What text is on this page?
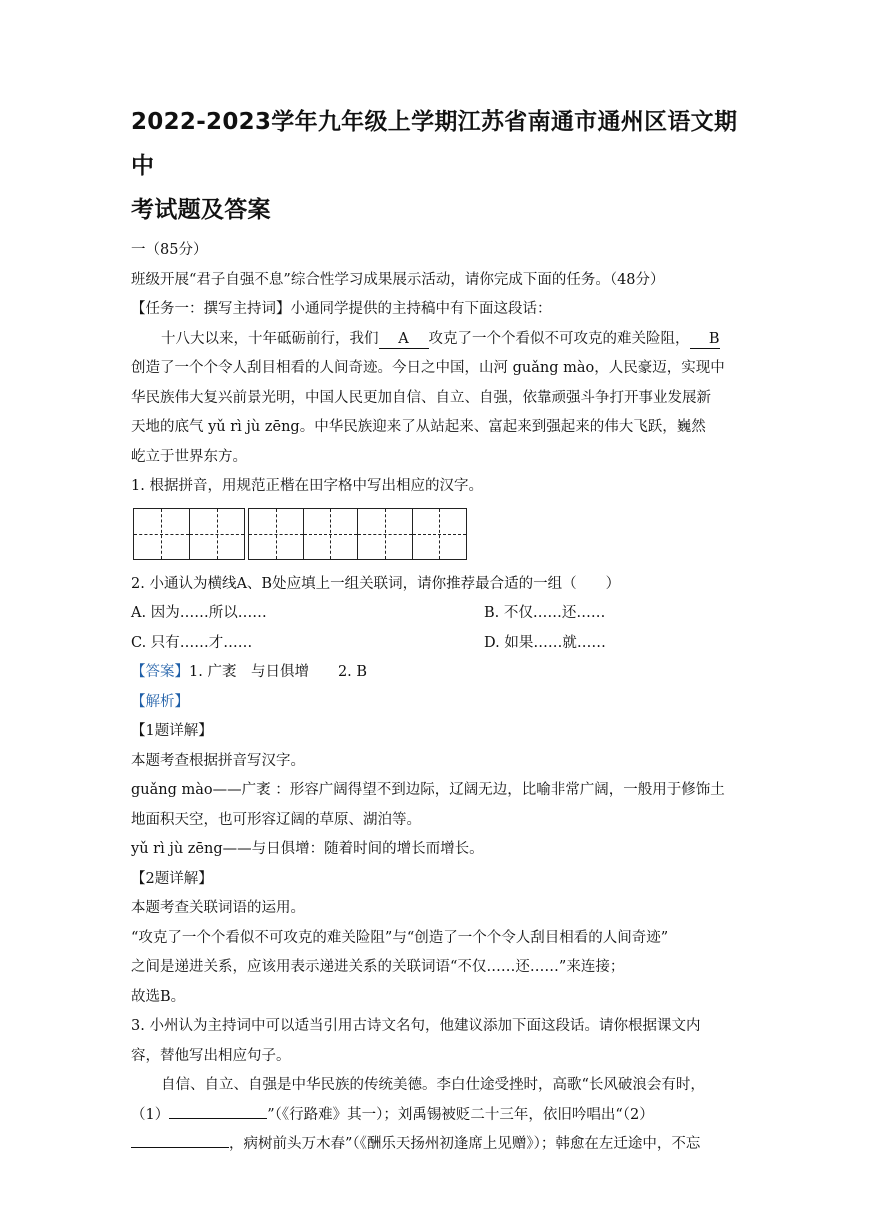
2022-2023学年九年级上学期江苏省南通市通州区语文期中
考试题及答案
一（85分）
班级开展“君子自强不息”综合性学习成果展示活动，请你完成下面的任务。（48分）
【任务一：撰写主持词】小通同学提供的主持稿中有下面这段话：
十八大以来，十年砥砺前行，我们 A 攻克了一个个看似不可攻克的难关险阻， B
创造了一个个令人刮目相看的人间奇迹。今日之中国，山河 guǎng mào，人民豪迈，实现中
华民族伟大复兴前景光明，中国人民更加自信、自立、自强，依靠顽强斗争打开事业发展新
天地的底气 yǔ rì jù zēng。中华民族迎来了从站起来、富起来到强起来的伟大飞跃，巍然
屹立于世界东方。
1. 根据拼音，用规范正楷在田字格中写出相应的汉字。
2. 小通认为横线A、B处应填上一组关联词，请你推荐最合适的一组（　　）
A. 因为……所以……	B. 不仅……还……
C. 只有……才……	D. 如果……就……
【答案】1. 广袤　与日俱增　　2. B
【解析】
【1题详解】
本题考查根据拼音写汉字。
guǎng mào——广袤 ：形容广阔得望不到边际，辽阔无边，比喻非常广阔，一般用于修饰土
地面积天空，也可形容辽阔的草原、湖泊等。
yǔ rì jù zēng——与日俱增：随着时间的增长而增长。
【2题详解】
本题考查关联词语的运用。
“攻克了一个个看似不可攻克的难关险阻”与“创造了一个个令人刮目相看的人间奇迹”
之间是递进关系，应该用表示递进关系的关联词语“不仅……还……”来连接；
故选B。
3. 小州认为主持词中可以适当引用古诗文名句，他建议添加下面这段话。请你根据课文内
容，替他写出相应句子。
自信、自立、自强是中华民族的传统美德。李白仕途受挫时，高歌“长风破浪会有时，
（1）	”（《行路难》其一）；刘禹锡被贬二十三年，依旧吟唱出“（2）
，病树前头万木春”（《酬乐天扬州初逢席上见赠》）；韩愈在左迁途中，不忘
